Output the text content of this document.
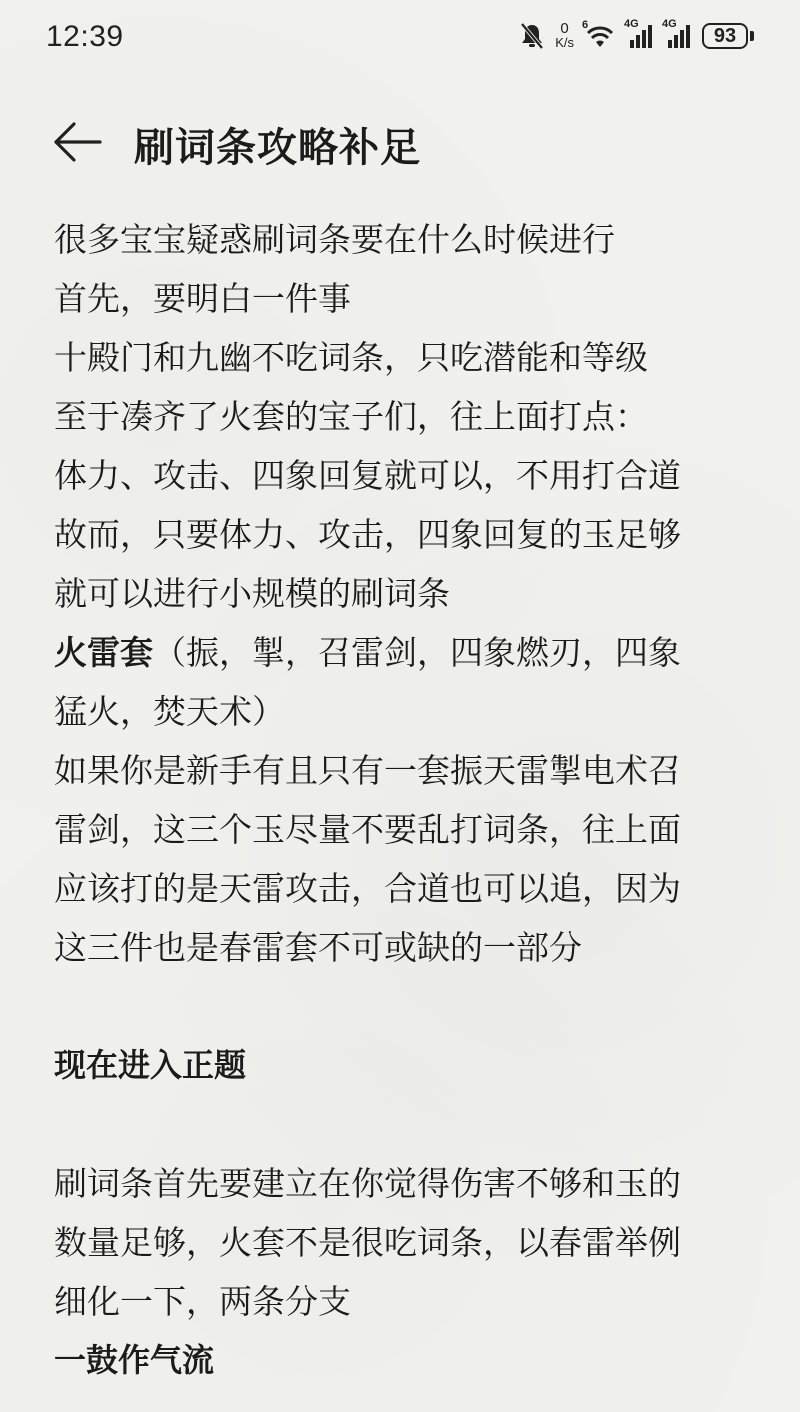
12:39	0
K/s
6	4G 4G
93
刷词条攻略补足
很多宝宝疑惑刷词条要在什么时候进行
首先，要明白一件事
十殿门和九幽不吃词条，只吃潜能和等级
至于凑齐了火套的宝子们，往上面打点：
体力、攻击、四象回复就可以，不用打合道
故而，只要体力、攻击，四象回复的玉足够
就可以进行小规模的刷词条
火雷套（振，掣，召雷剑，四象燃刃，四象
猛火，焚天术）
如果你是新手有且只有一套振天雷掣电术召
雷剑，这三个玉尽量不要乱打词条，往上面
应该打的是天雷攻击，合道也可以追，因为
这三件也是春雷套不可或缺的一部分
现在进入正题
刷词条首先要建立在你觉得伤害不够和玉的
数量足够，火套不是很吃词条，以春雷举例
细化一下，两条分支
一鼓作气流
